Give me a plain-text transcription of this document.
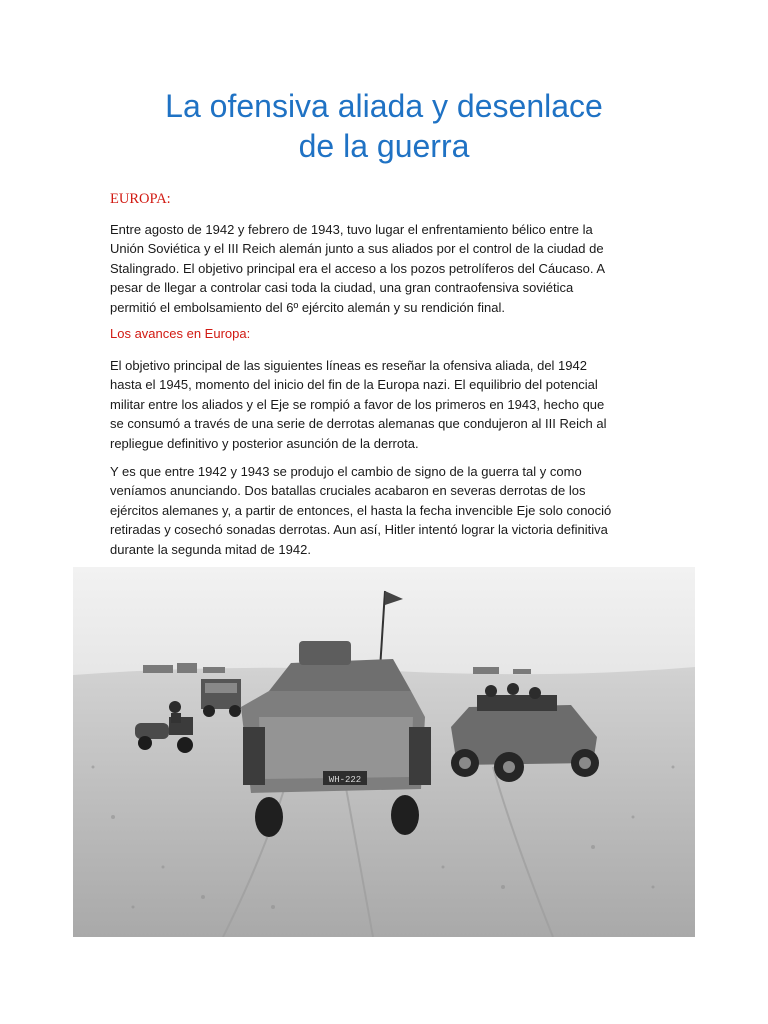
La ofensiva aliada y desenlace
de la guerra
EUROPA:

Entre agosto de 1942 y febrero de 1943, tuvo lugar el enfrentamiento bélico entre la
Unión Soviética y el III Reich alemán junto a sus aliados por el control de la ciudad de
Stalingrado. El objetivo principal era el acceso a los pozos petrolíferos del Cáucaso. A
pesar de llegar a controlar casi toda la ciudad, una gran contraofensiva soviética
permitió el embolsamiento del 6º ejército alemán y su rendición final.

Los avances en Europa:

El objetivo principal de las siguientes líneas es reseñar la ofensiva aliada, del 1942
hasta el 1945, momento del inicio del fin de la Europa nazi. El equilibrio del potencial
militar entre los aliados y el Eje se rompió a favor de los primeros en 1943, hecho que
se consumó a través de una serie de derrotas alemanas que condujeron al III Reich al
repliegue definitivo y posterior asunción de la derrota.

Y es que entre 1942 y 1943 se produjo el cambio de signo de la guerra tal y como
veníamos anunciando. Dos batallas cruciales acabaron en severas derrotas de los
ejércitos alemanes y, a partir de entonces, el hasta la fecha invencible Eje solo conoció
retiradas y cosechó sonadas derrotas. Aun así, Hitler intentó lograr la victoria definitiva
durante la segunda mitad de 1942.

WH-222
